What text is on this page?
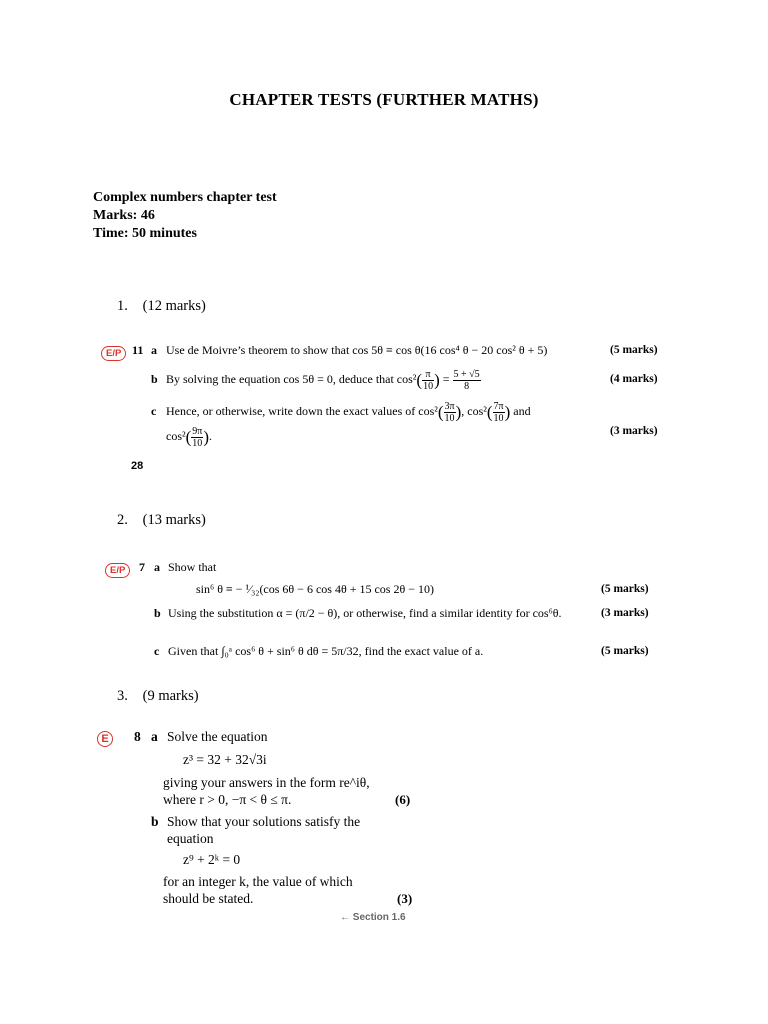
CHAPTER TESTS (FURTHER MATHS)
Complex numbers chapter test
Marks: 46
Time: 50 minutes
1. (12 marks)
E/P 11 a Use de Moivre’s theorem to show that cos 5θ ≡ cos θ(16 cos⁴ θ − 20 cos² θ + 5)	(5 marks)
b By solving the equation cos 5θ = 0, deduce that $\cos^2( \frac{\pi}{10}$ ) = $\frac{5 + √5}{8}$	(4 marks)
c Hence, or otherwise, write down the exact values of $\cos^2( \frac{3\pi}{10}$ ), $\cos^2( \frac{7\pi}{10}$ ) and
$\cos^2( \frac{9\pi}{10}$ ).	(3 marks)
28
2. (13 marks)
E/P	7 a Show that
sin⁶ θ ≡ − ¹⁄₃₂(cos 6θ − 6 cos 4θ + 15 cos 2θ − 10)	(5 marks)
b Using the substitution α = (π/2 − θ), or otherwise, find a similar identity for cos⁶θ.	(3 marks)
c Given that ∫₀ᵃ cos⁶ θ + sin⁶ θ dθ = 5π/32, find the exact value of a.	(5 marks)
3. (9 marks)
E	8 a Solve the equation
z³ = 32 + 32√3i
giving your answers in the form re^iθ,
where r > 0, −π < θ ≤ π.	(6)
b Show that your solutions satisfy the
equation
z⁹ + 2ᵏ = 0
for an integer k, the value of which
should be stated.	(3)
← Section 1.6
